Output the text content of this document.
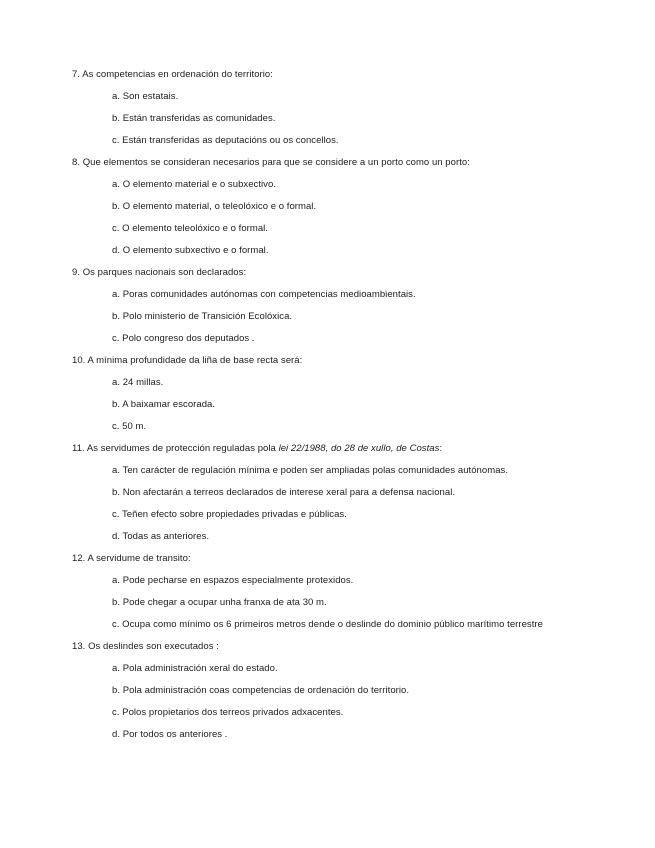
7. As competencias en ordenación do territorio:

a. Son estatais.

b. Están transferidas as comunidades.

c. Están transferidas as deputacións ou os concellos.

8. Que elementos se consideran necesarios para que se considere a un porto como un porto:

a. O elemento material e o subxectivo.

b. O elemento material, o teleolóxico e o formal.

c. O elemento teleolóxico e o formal.

d. O elemento subxectivo e o formal.

9. Os parques nacionais son declarados:

a. Poras comunidades autónomas con competencias medioambientais.

b. Polo ministerio de Transición Ecolóxica.

c. Polo congreso dos deputados .

10. A mínima profundidade da liña de base recta será:

a. 24 millas.

b. A baixamar escorada.

c. 50 m.

11. As servidumes de protección reguladas pola lei 22/1988, do 28 de xullo, de Costas:

a. Ten carácter de regulación mínima e poden ser ampliadas polas comunidades autónomas.

b. Non afectarán a terreos declarados de interese xeral para a defensa nacional.

c. Teñen efecto sobre propiedades privadas e públicas.

d. Todas as anteriores.

12. A servidume de transito:

a. Pode pecharse en espazos especialmente protexidos.

b. Pode chegar a ocupar unha franxa de ata 30 m.

c. Ocupa como mínimo os 6 primeiros metros dende o deslinde do dominio público marítimo terrestre

13. Os deslindes son executados :

a. Pola administración xeral do estado.

b. Pola administración coas competencias de ordenación do territorio.

c. Polos propietarios dos terreos privados adxacentes.

d. Por todos os anteriores .
